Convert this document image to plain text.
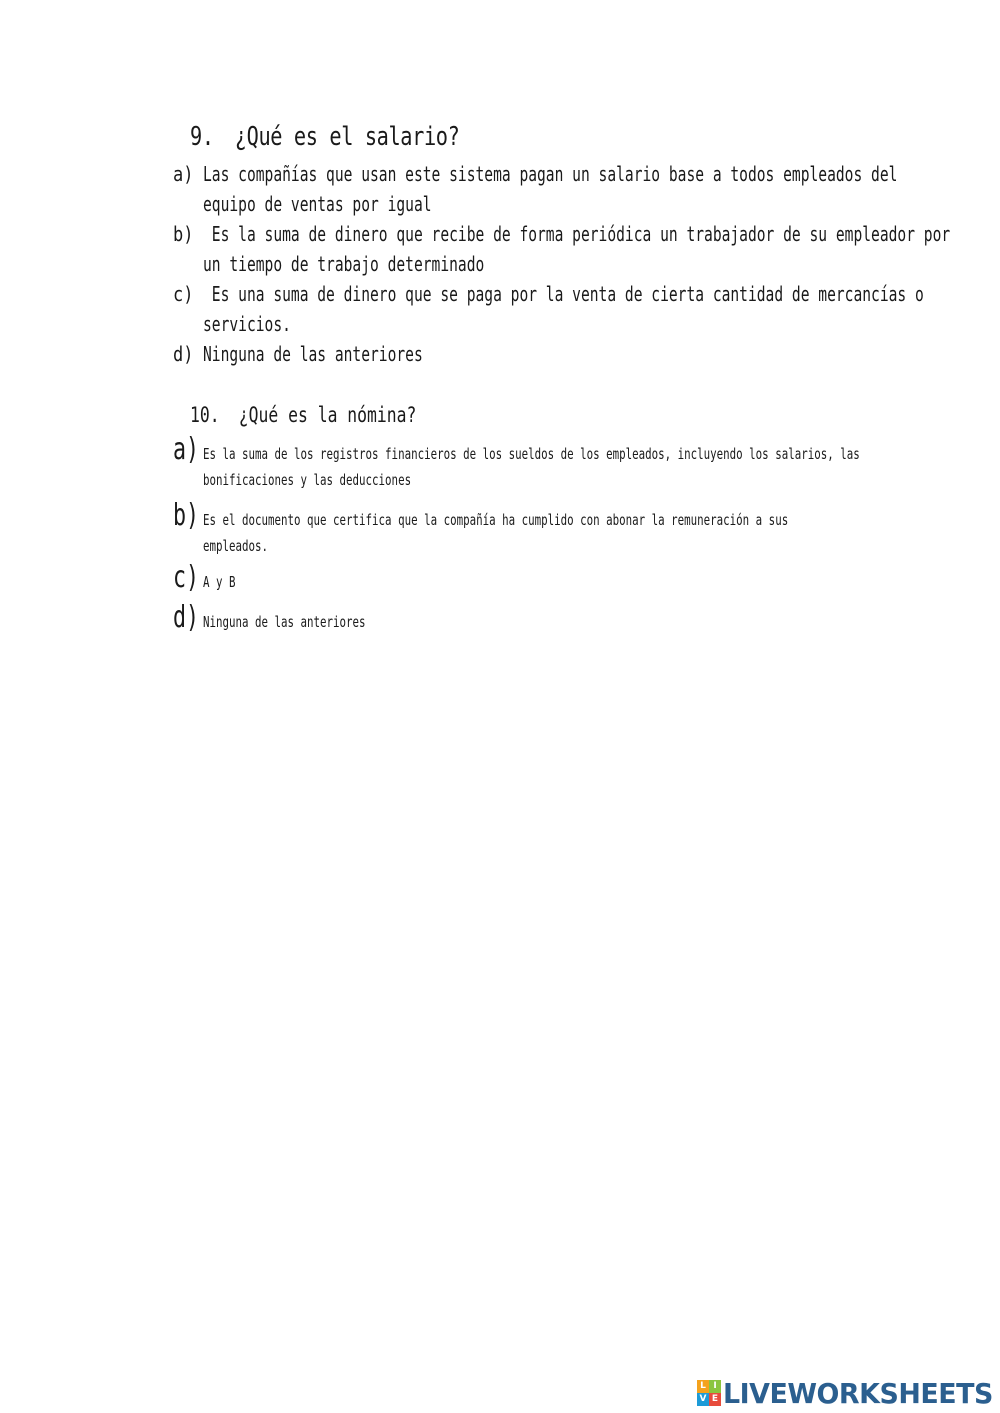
9. ¿Qué es el salario?
a) Las compañías que usan este sistema pagan un salario base a todos empleados del
equipo de ventas por igual
b) Es la suma de dinero que recibe de forma periódica un trabajador de su empleador por
un tiempo de trabajo determinado
c) Es una suma de dinero que se paga por la venta de cierta cantidad de mercancías o
servicios.
d) Ninguna de las anteriores
10. ¿Qué es la nómina?
a) Es la suma de los registros financieros de los sueldos de los empleados, incluyendo los salarios, las
bonificaciones y las deducciones
b) Es el documento que certifica que la compañía ha cumplido con abonar la remuneración a sus
empleados.
c) A y B
d) Ninguna de las anteriores
L I
V E LIVEWORKSHEETS
